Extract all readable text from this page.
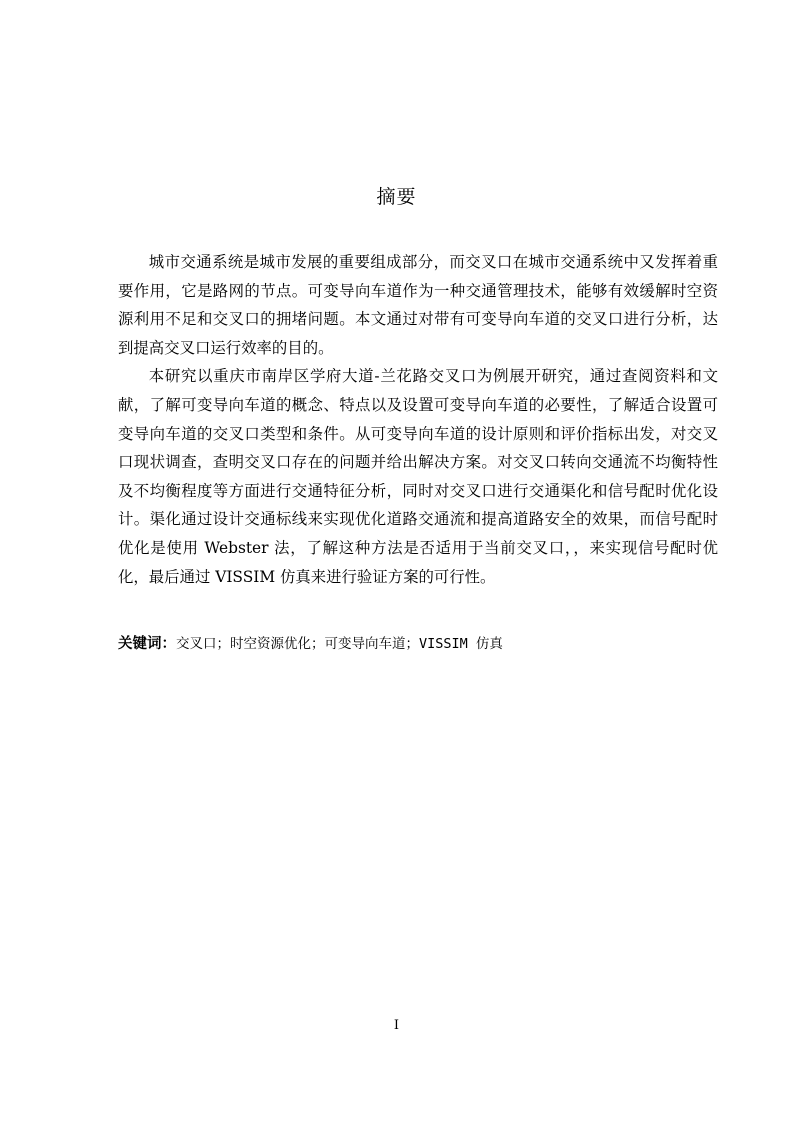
摘要

城市交通系统是城市发展的重要组成部分，而交叉口在城市交通系统中又发挥着重要作用，它是路网的节点。可变导向车道作为一种交通管理技术，能够有效缓解时空资源利用不足和交叉口的拥堵问题。本文通过对带有可变导向车道的交叉口进行分析，达到提高交叉口运行效率的目的。

本研究以重庆市南岸区学府大道-兰花路交叉口为例展开研究，通过查阅资料和文献，了解可变导向车道的概念、特点以及设置可变导向车道的必要性，了解适合设置可变导向车道的交叉口类型和条件。从可变导向车道的设计原则和评价指标出发，对交叉口现状调查，查明交叉口存在的问题并给出解决方案。对交叉口转向交通流不均衡特性及不均衡程度等方面进行交通特征分析，同时对交叉口进行交通渠化和信号配时优化设计。渠化通过设计交通标线来实现优化道路交通流和提高道路安全的效果，而信号配时优化是使用 Webster 法，了解这种方法是否适用于当前交叉口，，来实现信号配时优化，最后通过 VISSIM 仿真来进行验证方案的可行性。

关键词：交叉口；时空资源优化；可变导向车道；VISSIM 仿真
I
